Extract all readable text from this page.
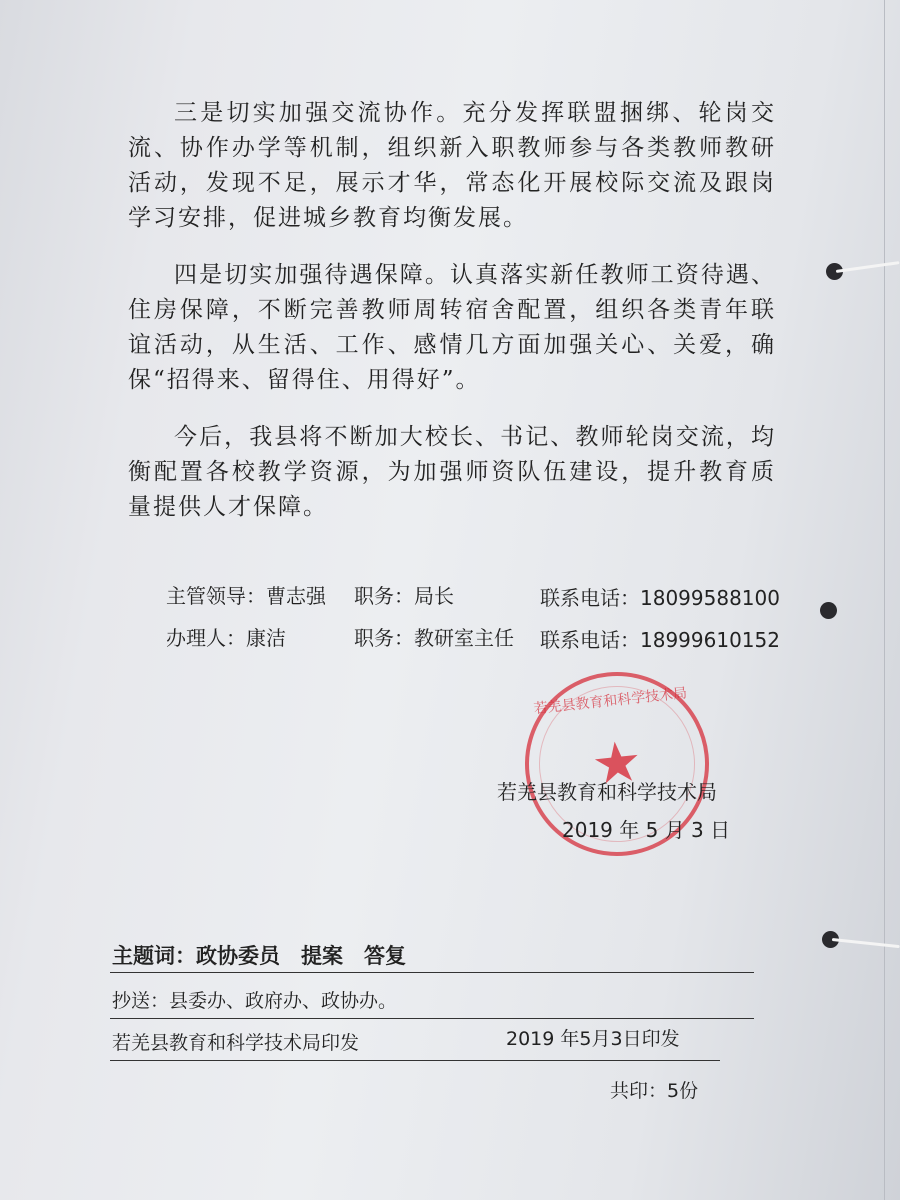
三是切实加强交流协作。充分发挥联盟捆绑、轮岗交流、协作办学等机制，组织新入职教师参与各类教师教研活动，发现不足，展示才华，常态化开展校际交流及跟岗学习安排，促进城乡教育均衡发展。

四是切实加强待遇保障。认真落实新任教师工资待遇、住房保障，不断完善教师周转宿舍配置，组织各类青年联谊活动，从生活、工作、感情几方面加强关心、关爱，确保“招得来、留得住、用得好”。

今后，我县将不断加大校长、书记、教师轮岗交流，均衡配置各校教学资源，为加强师资队伍建设，提升教育质量提供人才保障。

主管领导：曹志强 职务：局长	联系电话：18099588100
办理人：康洁	职务：教研室主任 联系电话：18999610152
若羌县教育和科学技术局
★
若羌县教育和科学技术局
2019 年 5 月 3 日
主题词：政协委员　提案　答复
抄送：县委办、政府办、政协办。
若羌县教育和科学技术局印发	2019 年5月3日印发
共印：5份
